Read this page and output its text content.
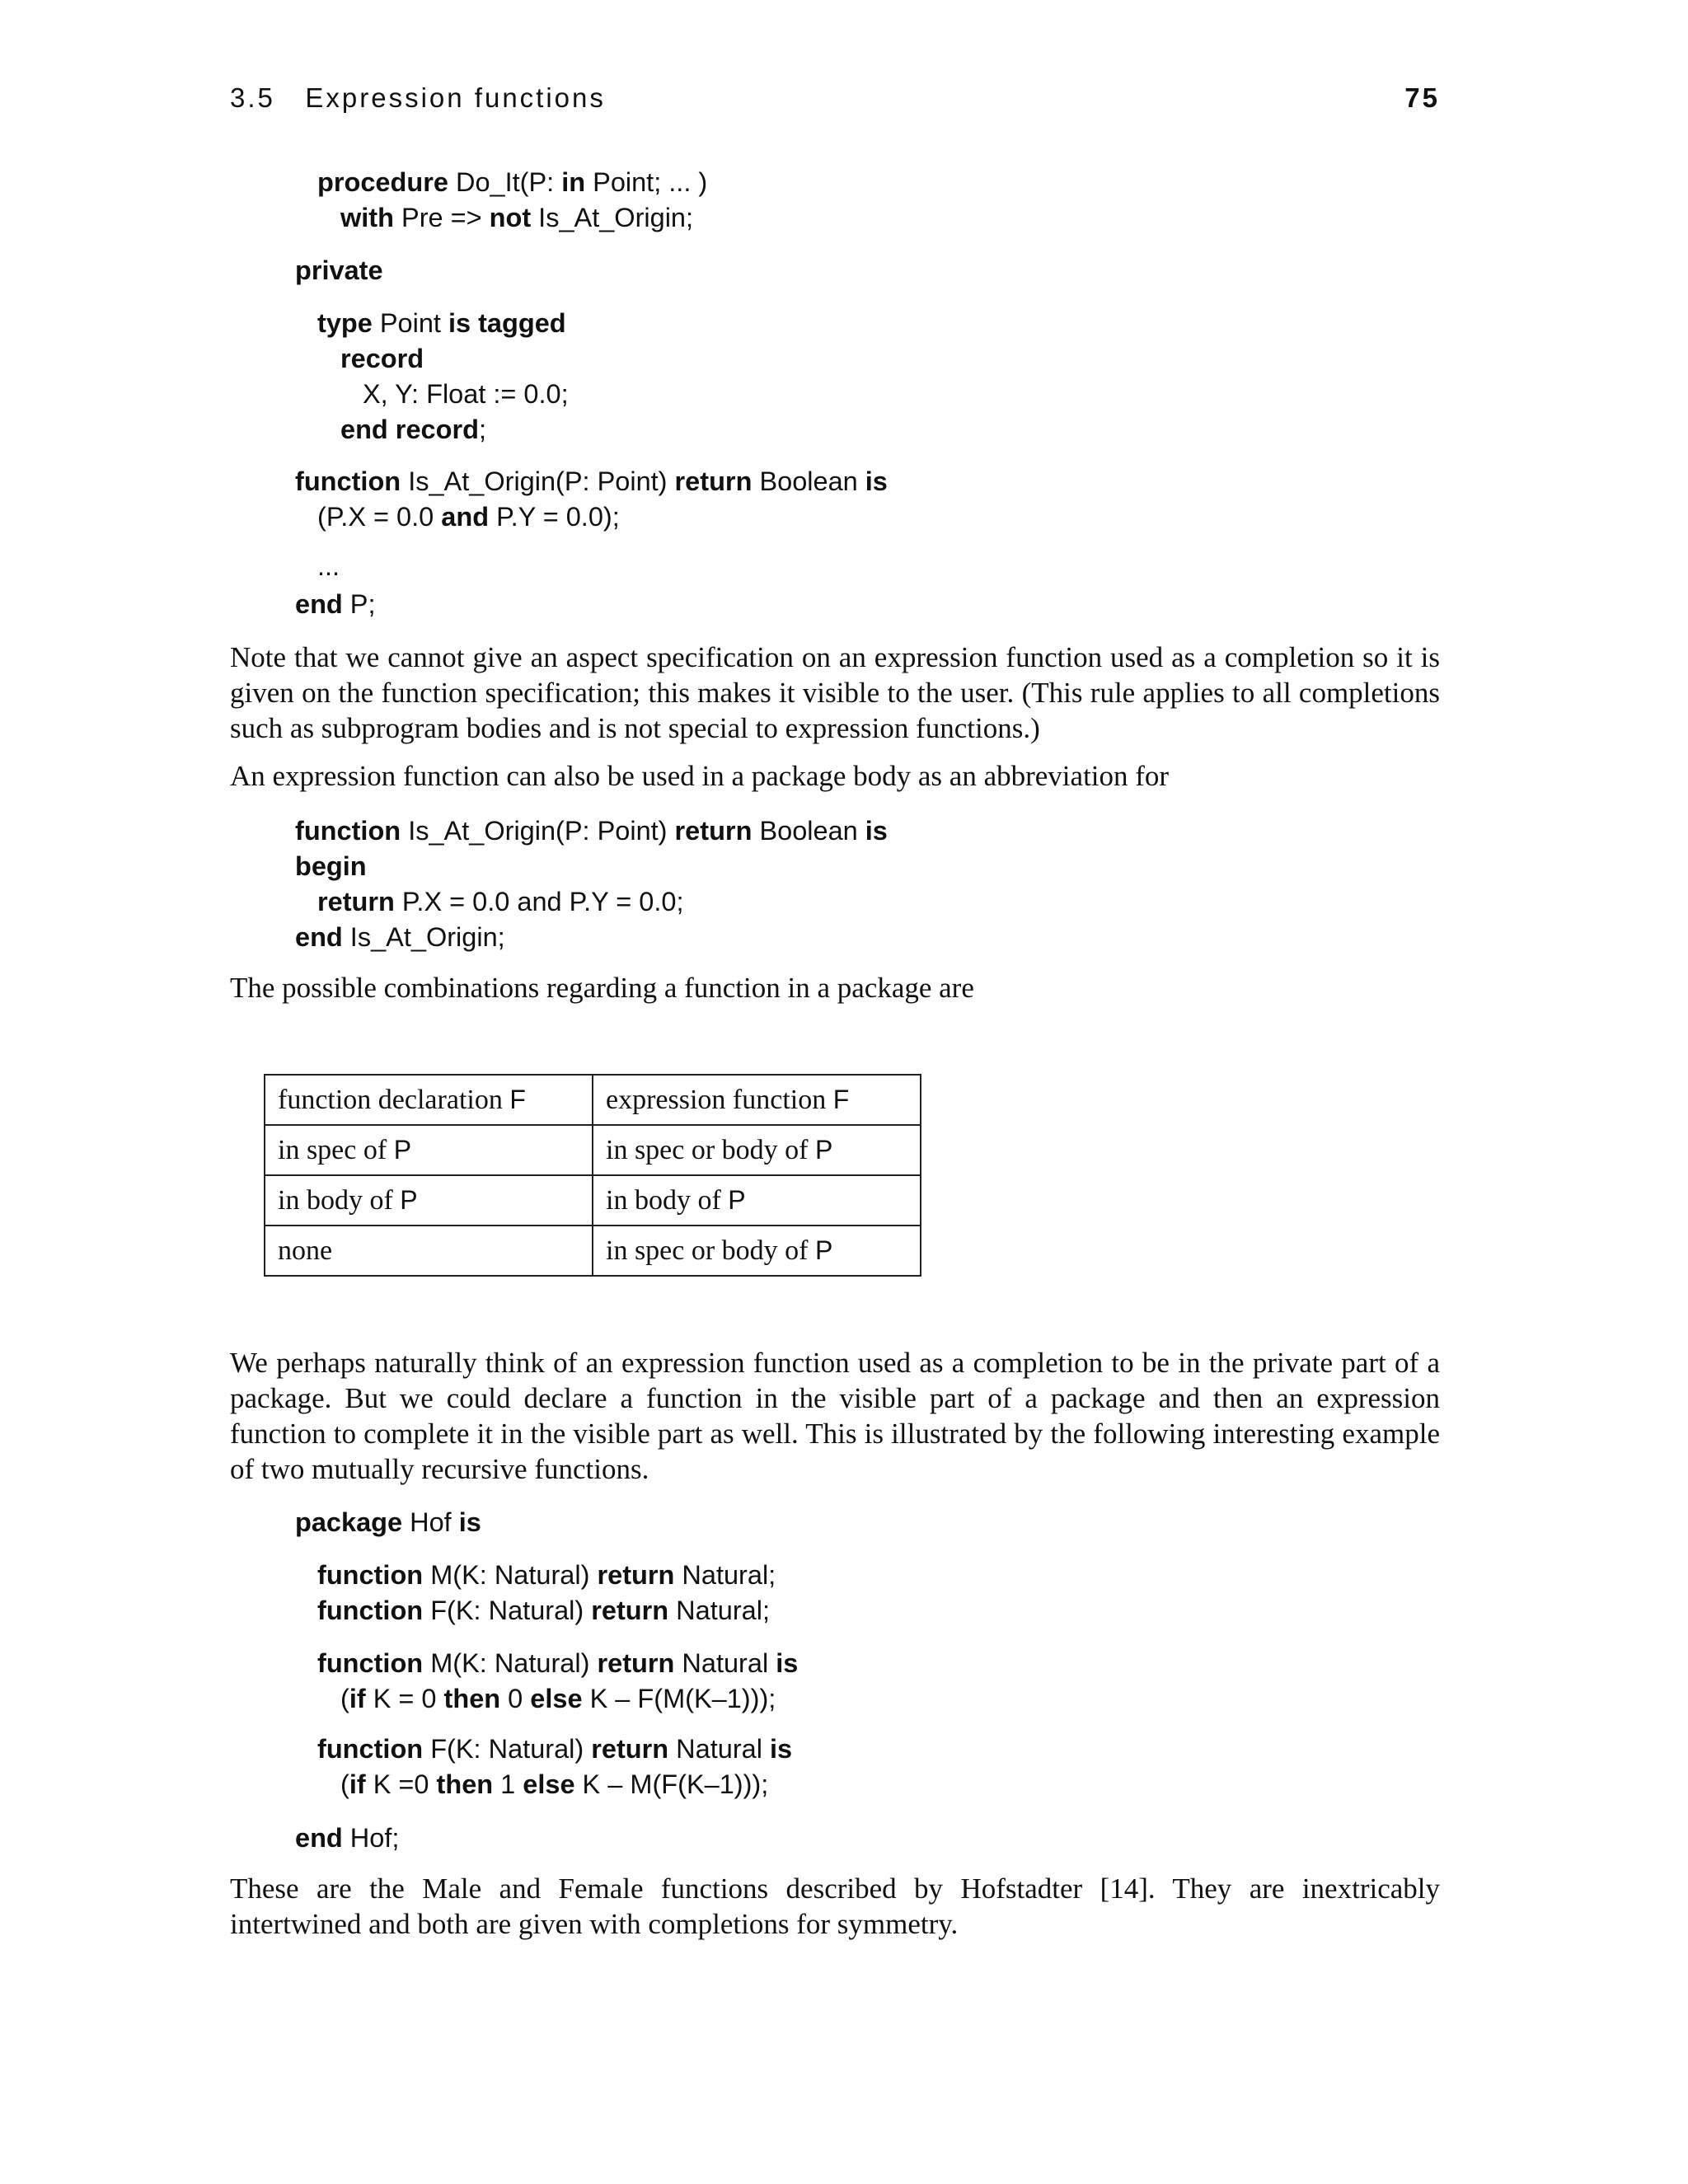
3.5   Expression functions	75
procedure Do_It(P: in Point; ... )
with Pre => not Is_At_Origin;
private
type Point is tagged
record
X, Y: Float := 0.0;
end record;
function Is_At_Origin(P: Point) return Boolean is
(P.X = 0.0 and P.Y = 0.0);
...
end P;
Note that we cannot give an aspect specification on an expression function used as a completion so it is given on the function specification; this makes it visible to the user. (This rule applies to all completions such as subprogram bodies and is not special to expression functions.)
An expression function can also be used in a package body as an abbreviation for
function Is_At_Origin(P: Point) return Boolean is
begin
return P.X = 0.0 and P.Y = 0.0;
end Is_At_Origin;
The possible combinations regarding a function in a package are
function declaration F	expression function F
in spec of P	in spec or body of P
in body of P	in body of P
none	in spec or body of P
We perhaps naturally think of an expression function used as a completion to be in the private part of a package. But we could declare a function in the visible part of a package and then an expression function to complete it in the visible part as well. This is illustrated by the following interesting example of two mutually recursive functions.
package Hof is
function M(K: Natural) return Natural;
function F(K: Natural) return Natural;
function M(K: Natural) return Natural is
(if K = 0 then 0 else K – F(M(K–1)));
function F(K: Natural) return Natural is
(if K =0 then 1 else K – M(F(K–1)));
end Hof;
These are the Male and Female functions described by Hofstadter [14]. They are inextricably intertwined and both are given with completions for symmetry.
